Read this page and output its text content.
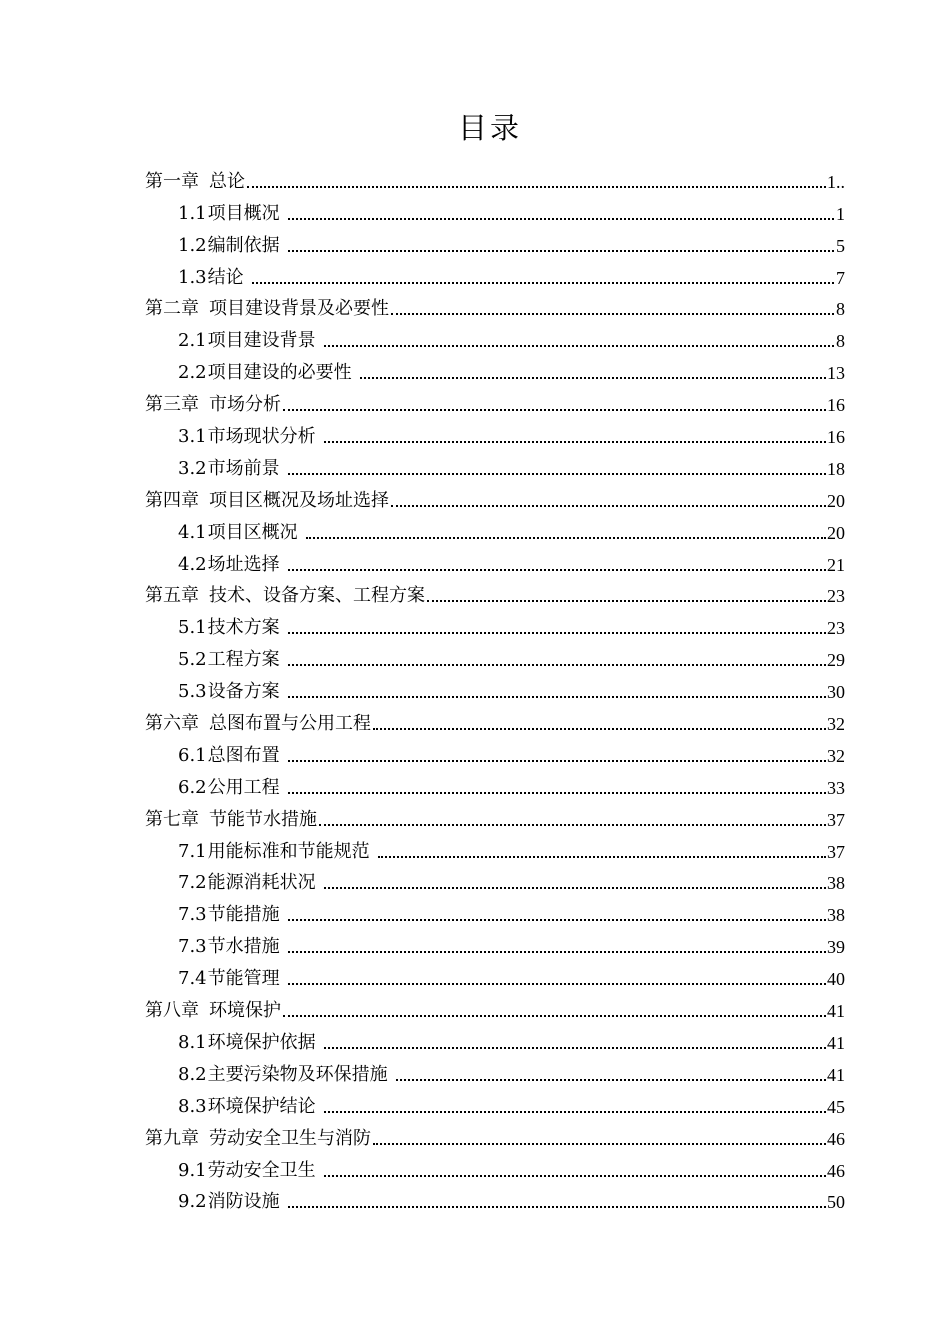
目录
第一章 总论	1..
1.1项目概况	1
1.2编制依据	5
1.3结论	7
第二章 项目建设背景及必要性	8
2.1项目建设背景	8
2.2项目建设的必要性	13
第三章 市场分析	16
3.1市场现状分析	16
3.2市场前景	18
第四章 项目区概况及场址选择	20
4.1项目区概况	20
4.2场址选择	21
第五章 技术、设备方案、工程方案	23
5.1技术方案	23
5.2工程方案	29
5.3设备方案	30
第六章 总图布置与公用工程	32
6.1总图布置	32
6.2公用工程	33
第七章 节能节水措施	37
7.1用能标准和节能规范	37
7.2能源消耗状况	38
7.3节能措施	38
7.3节水措施	39
7.4节能管理	40
第八章 环境保护	41
8.1环境保护依据	41
8.2主要污染物及环保措施	41
8.3环境保护结论	45
第九章 劳动安全卫生与消防	46
9.1劳动安全卫生	46
9.2消防设施	50
